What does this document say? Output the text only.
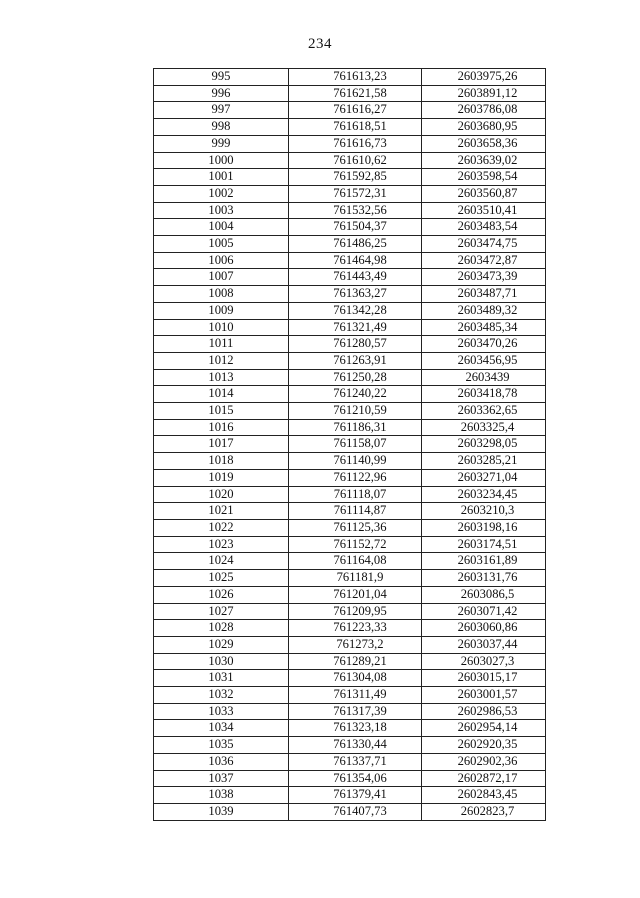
234
995	761613,23	2603975,26
996	761621,58	2603891,12
997	761616,27	2603786,08
998	761618,51	2603680,95
999	761616,73	2603658,36
1000	761610,62	2603639,02
1001	761592,85	2603598,54
1002	761572,31	2603560,87
1003	761532,56	2603510,41
1004	761504,37	2603483,54
1005	761486,25	2603474,75
1006	761464,98	2603472,87
1007	761443,49	2603473,39
1008	761363,27	2603487,71
1009	761342,28	2603489,32
1010	761321,49	2603485,34
1011	761280,57	2603470,26
1012	761263,91	2603456,95
1013	761250,28	2603439
1014	761240,22	2603418,78
1015	761210,59	2603362,65
1016	761186,31	2603325,4
1017	761158,07	2603298,05
1018	761140,99	2603285,21
1019	761122,96	2603271,04
1020	761118,07	2603234,45
1021	761114,87	2603210,3
1022	761125,36	2603198,16
1023	761152,72	2603174,51
1024	761164,08	2603161,89
1025	761181,9	2603131,76
1026	761201,04	2603086,5
1027	761209,95	2603071,42
1028	761223,33	2603060,86
1029	761273,2	2603037,44
1030	761289,21	2603027,3
1031	761304,08	2603015,17
1032	761311,49	2603001,57
1033	761317,39	2602986,53
1034	761323,18	2602954,14
1035	761330,44	2602920,35
1036	761337,71	2602902,36
1037	761354,06	2602872,17
1038	761379,41	2602843,45
1039	761407,73	2602823,7
